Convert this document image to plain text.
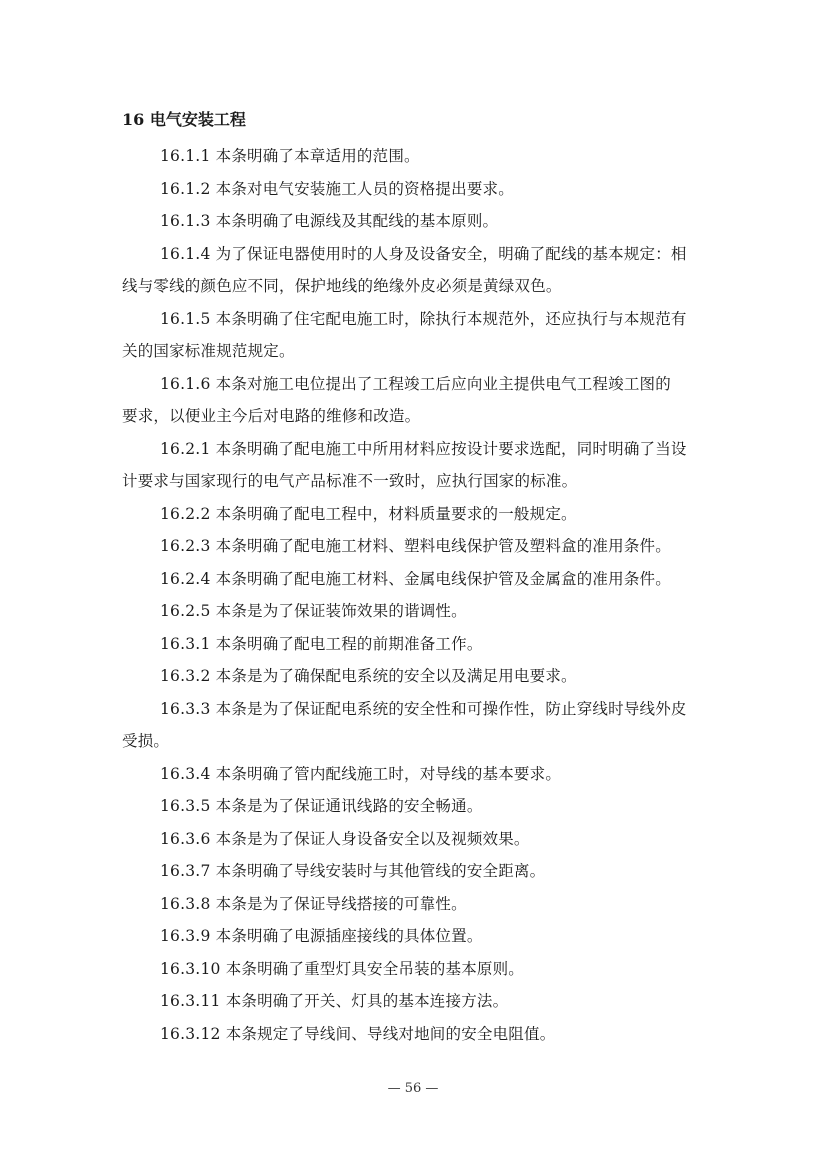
16 电气安装工程

16.1.1 本条明确了本章适用的范围。

16.1.2 本条对电气安装施工人员的资格提出要求。

16.1.3 本条明确了电源线及其配线的基本原则。

16.1.4 为了保证电器使用时的人身及设备安全，明确了配线的基本规定：相
线与零线的颜色应不同，保护地线的绝缘外皮必须是黄绿双色。

16.1.5 本条明确了住宅配电施工时，除执行本规范外，还应执行与本规范有
关的国家标准规范规定。

16.1.6 本条对施工电位提出了工程竣工后应向业主提供电气工程竣工图的
要求，以便业主今后对电路的维修和改造。

16.2.1 本条明确了配电施工中所用材料应按设计要求选配，同时明确了当设
计要求与国家现行的电气产品标准不一致时，应执行国家的标准。

16.2.2 本条明确了配电工程中，材料质量要求的一般规定。

16.2.3 本条明确了配电施工材料、塑料电线保护管及塑料盒的准用条件。

16.2.4 本条明确了配电施工材料、金属电线保护管及金属盒的准用条件。

16.2.5 本条是为了保证装饰效果的谐调性。

16.3.1 本条明确了配电工程的前期准备工作。

16.3.2 本条是为了确保配电系统的安全以及满足用电要求。

16.3.3 本条是为了保证配电系统的安全性和可操作性，防止穿线时导线外皮
受损。

16.3.4 本条明确了管内配线施工时，对导线的基本要求。

16.3.5 本条是为了保证通讯线路的安全畅通。

16.3.6 本条是为了保证人身设备安全以及视频效果。

16.3.7 本条明确了导线安装时与其他管线的安全距离。

16.3.8 本条是为了保证导线搭接的可靠性。

16.3.9 本条明确了电源插座接线的具体位置。

16.3.10 本条明确了重型灯具安全吊装的基本原则。

16.3.11 本条明确了开关、灯具的基本连接方法。

16.3.12 本条规定了导线间、导线对地间的安全电阻值。

— 56 —
